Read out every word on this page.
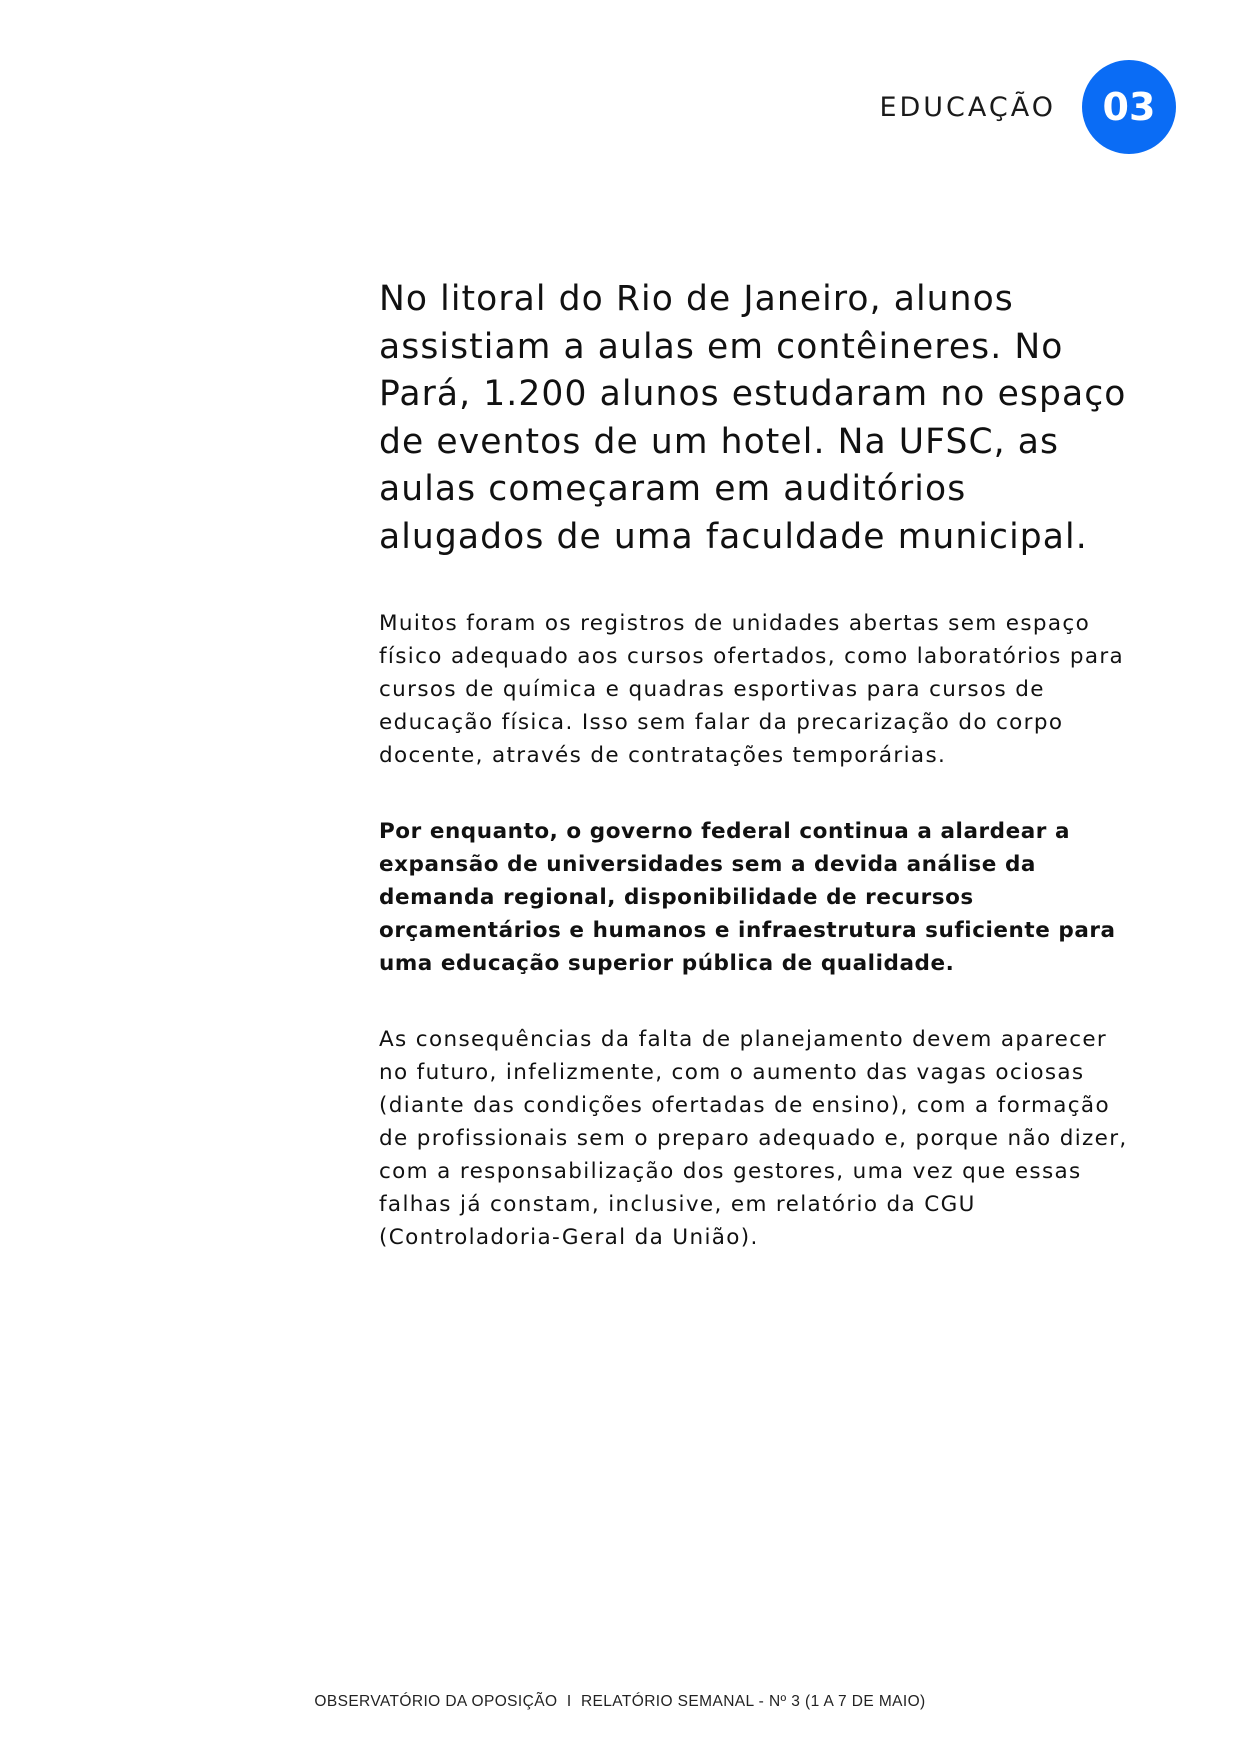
EDUCAÇÃO 03

No litoral do Rio de Janeiro, alunos assistiam a aulas em contêineres. No Pará, 1.200 alunos estudaram no espaço de eventos de um hotel. Na UFSC, as aulas começaram em auditórios alugados de uma faculdade municipal.

Muitos foram os registros de unidades abertas sem espaço físico adequado aos cursos ofertados, como laboratórios para cursos de química e quadras esportivas para cursos de educação física. Isso sem falar da precarização do corpo docente, através de contratações temporárias.

Por enquanto, o governo federal continua a alardear a expansão de universidades sem a devida análise da demanda regional, disponibilidade de recursos orçamentários e humanos e infraestrutura suficiente para uma educação superior pública de qualidade.

As consequências da falta de planejamento devem aparecer no futuro, infelizmente, com o aumento das vagas ociosas (diante das condições ofertadas de ensino), com a formação de profissionais sem o preparo adequado e, porque não dizer, com a responsabilização dos gestores, uma vez que essas falhas já constam, inclusive, em relatório da CGU (Controladoria-Geral da União).

OBSERVATÓRIO DA OPOSIÇÃO  I  RELATÓRIO SEMANAL - Nº 3 (1 A 7 DE MAIO)
